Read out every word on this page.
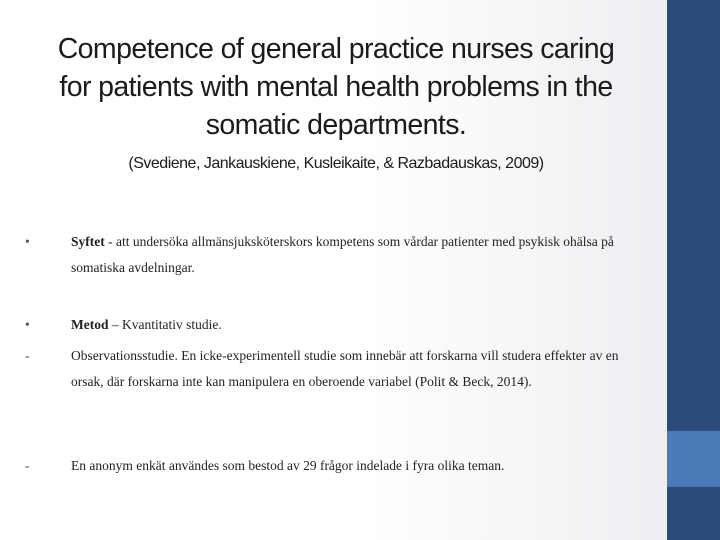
Competence of general practice nurses caring for patients with mental health problems in the somatic departments.
(Svediene, Jankauskiene, Kusleikaite, & Razbadauskas, 2009)
•	Syftet - att undersöka allmänsjuksköterskors kompetens som vårdar patienter med psykisk ohälsa på somatiska avdelningar.
•	Metod – Kvantitativ studie.
-	Observationsstudie. En icke-experimentell studie som innebär att forskarna vill studera effekter av en orsak, där forskarna inte kan manipulera en oberoende variabel (Polit & Beck, 2014).
-	En anonym enkät användes som bestod av 29 frågor indelade i fyra olika teman.
